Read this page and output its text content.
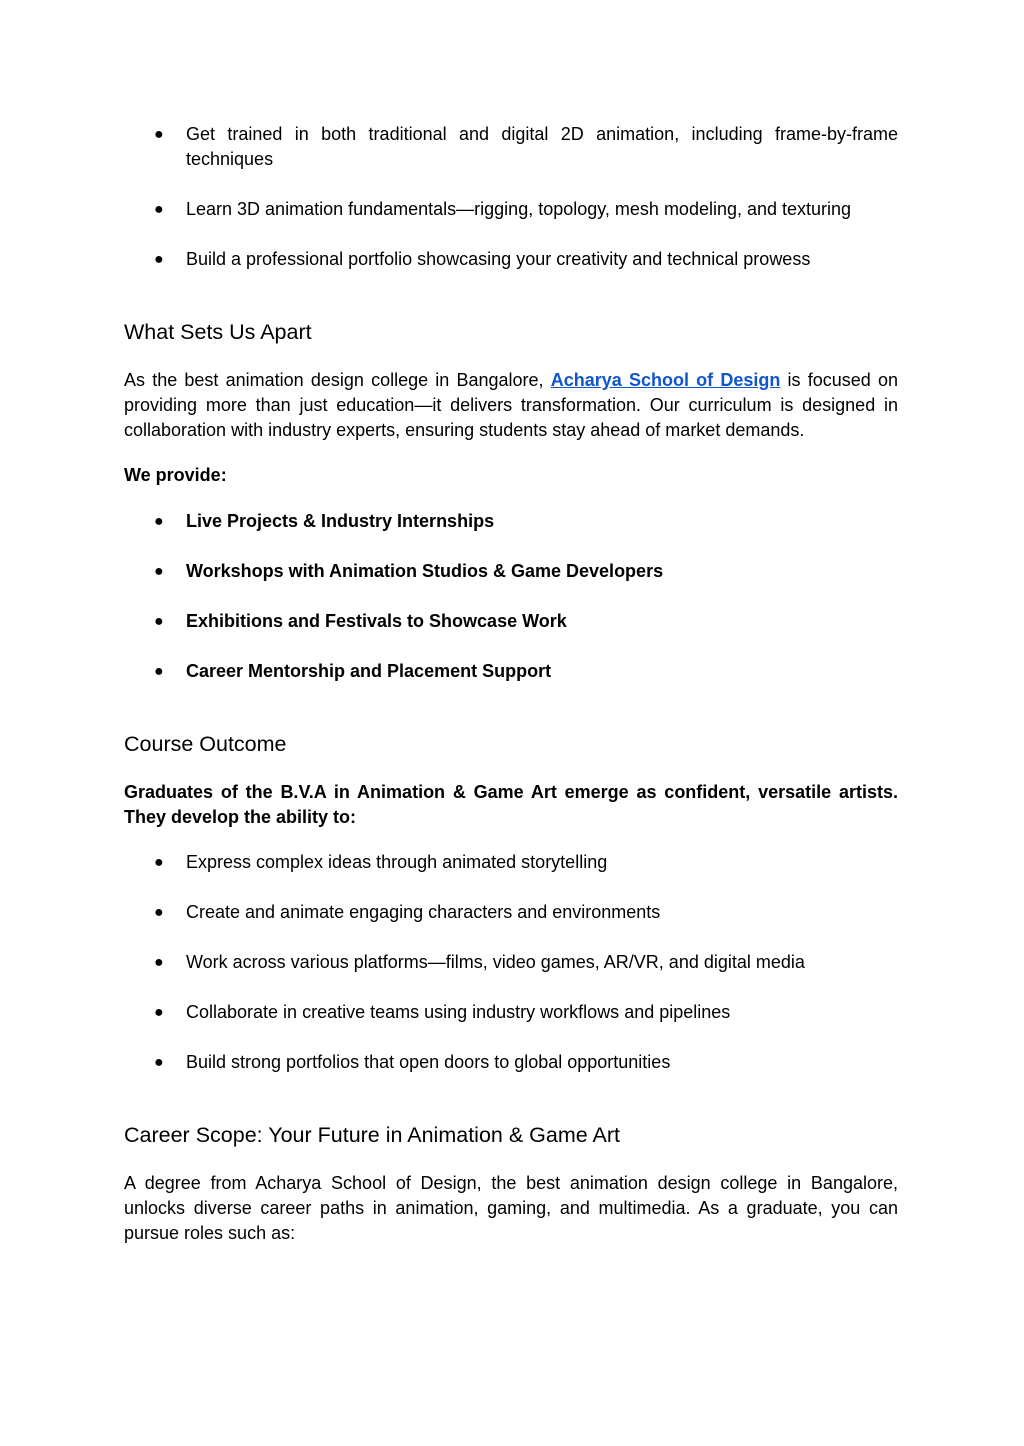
● Get trained in both traditional and digital 2D animation, including frame-by-frame techniques
● Learn 3D animation fundamentals—rigging, topology, mesh modeling, and texturing
● Build a professional portfolio showcasing your creativity and technical prowess
What Sets Us Apart

As the best animation design college in Bangalore, Acharya School of Design is focused on providing more than just education—it delivers transformation. Our curriculum is designed in collaboration with industry experts, ensuring students stay ahead of market demands.

We provide:

● Live Projects & Industry Internships
● Workshops with Animation Studios & Game Developers
● Exhibitions and Festivals to Showcase Work
● Career Mentorship and Placement Support
Course Outcome

Graduates of the B.V.A in Animation & Game Art emerge as confident, versatile artists. They develop the ability to:

● Express complex ideas through animated storytelling
● Create and animate engaging characters and environments
● Work across various platforms—films, video games, AR/VR, and digital media
● Collaborate in creative teams using industry workflows and pipelines
● Build strong portfolios that open doors to global opportunities
Career Scope: Your Future in Animation & Game Art

A degree from Acharya School of Design, the best animation design college in Bangalore, unlocks diverse career paths in animation, gaming, and multimedia. As a graduate, you can pursue roles such as:
